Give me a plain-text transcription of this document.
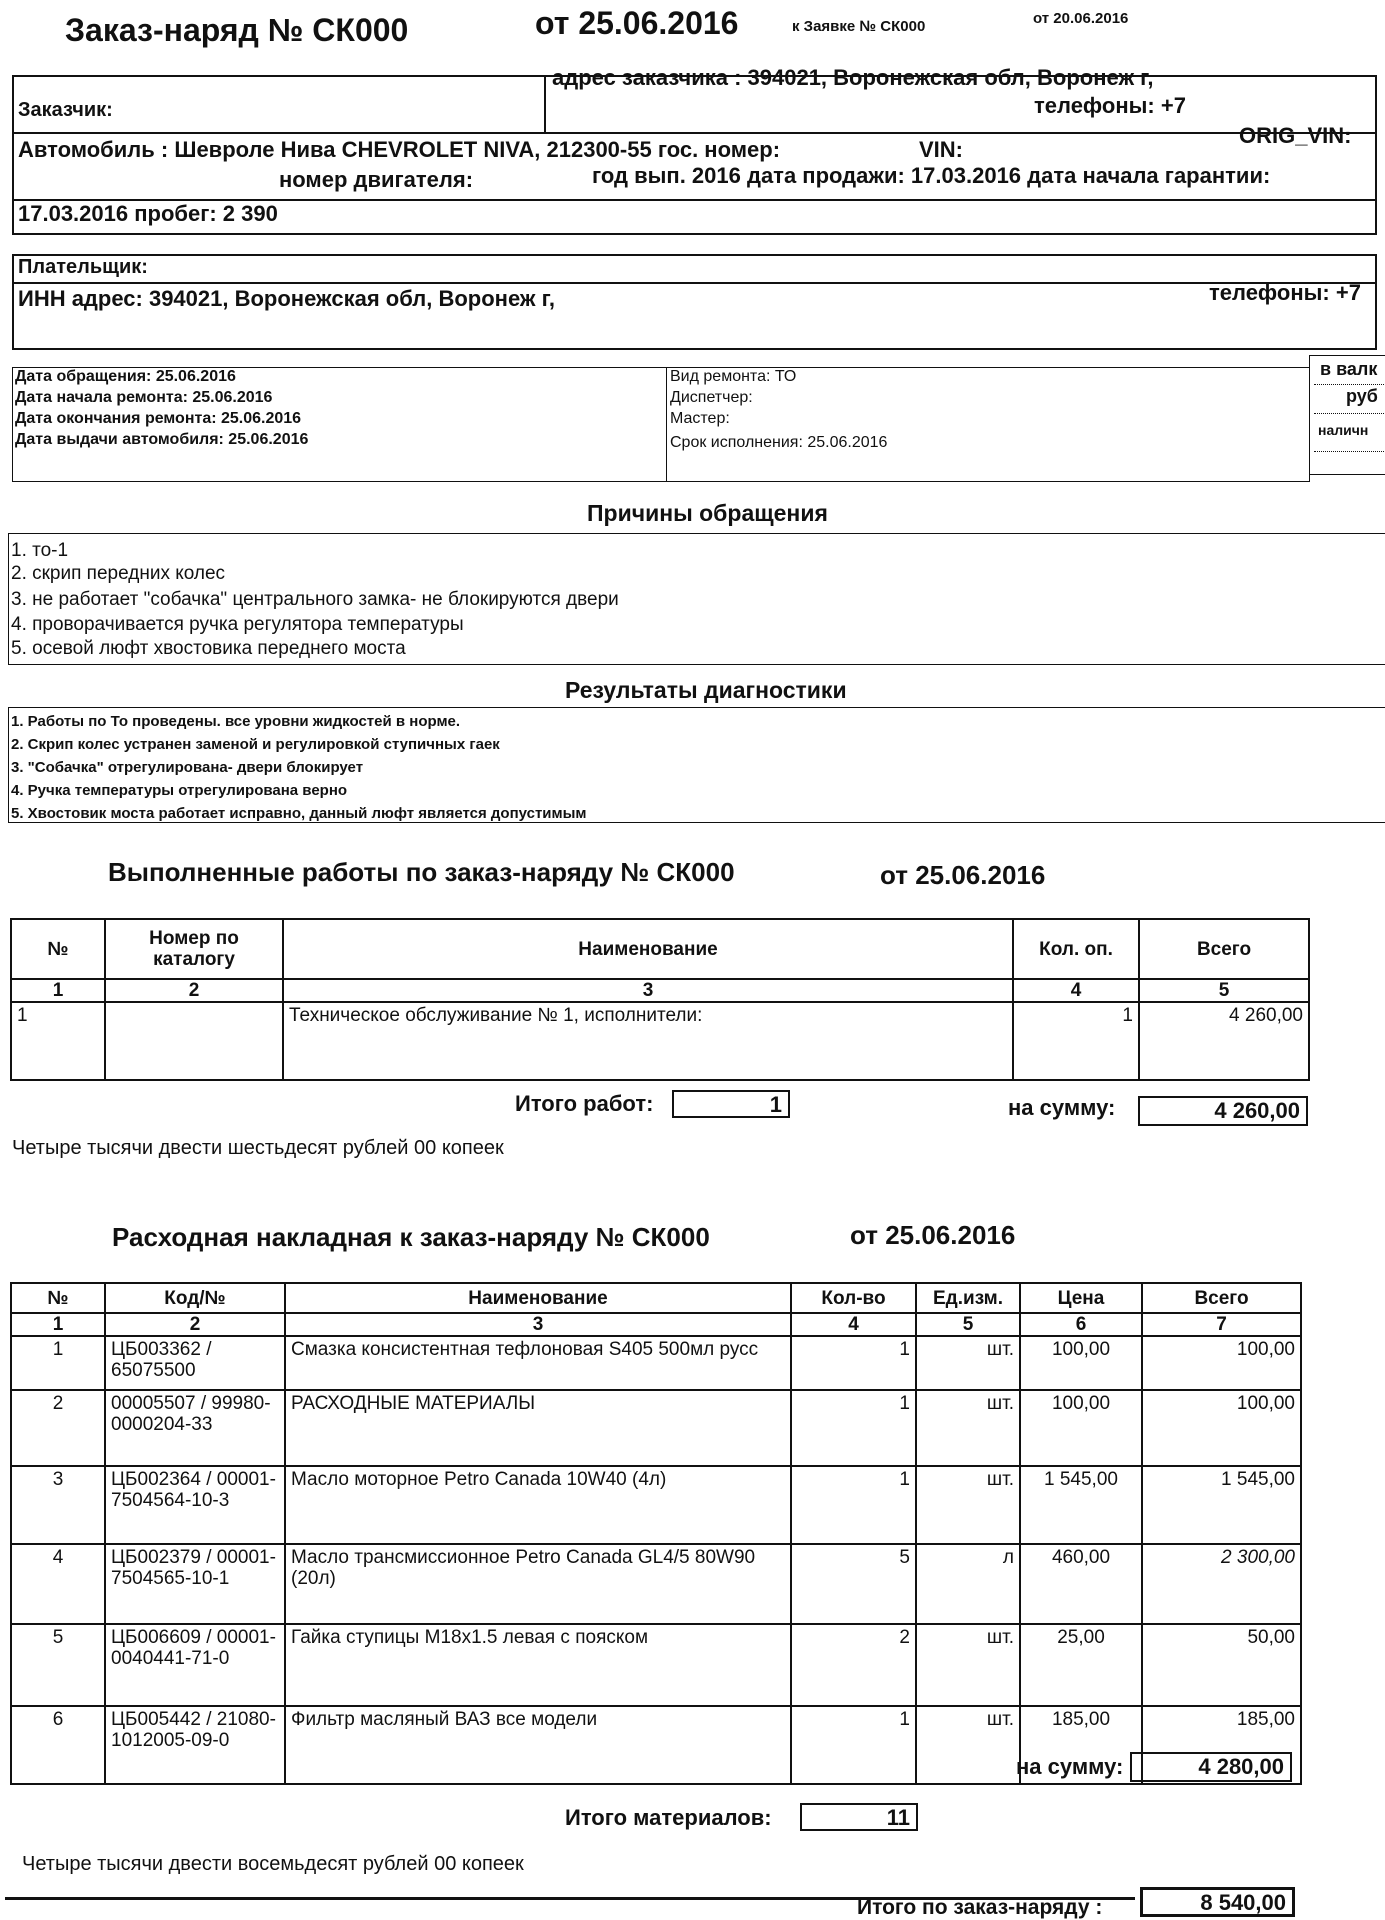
Заказ-наряд № СК000	от 25.06.2016	к Заявке № СК000	от 20.06.2016
Заказчик:
адрес заказчика : 394021, Воронежская обл, Воронеж г,
телефоны: +7
Автомобиль : Шевроле Нива CHEVROLET NIVA, 212300-55 гос. номер:	VIN:
ORIG_VIN:
номер двигателя:	год вып. 2016 дата продажи: 17.03.2016 дата начала гарантии:
17.03.2016 пробег: 2 390
Плательщик:
ИНН адрес: 394021, Воронежская обл, Воронеж г,	телефоны: +7
Дата обращения: 25.06.2016
Дата начала ремонта: 25.06.2016
Дата окончания ремонта: 25.06.2016
Дата выдачи автомобиля: 25.06.2016
Вид ремонта: ТО
Диспетчер:
Мастер:
Срок исполнения: 25.06.2016
в валк
руб
наличн
Причины обращения
1. то-1
2. скрип передних колес
3. не работает "собачка" центрального замка- не блокируются двери
4. проворачивается ручка регулятора температуры
5. осевой люфт хвостовика переднего моста
Результаты диагностики
1. Работы по То проведены. все уровни жидкостей в норме.
2. Скрип колес устранен заменой и регулировкой ступичных гаек
3. "Собачка" отрегулирована- двери блокирует
4. Ручка температуры отрегулирована верно
5. Хвостовик моста работает исправно, данный люфт является допустимым
Выполненные работы по заказ-наряду № СК000	от 25.06.2016
№	Номер по каталогу	Наименование	Кол. оп.	Всего
1	2	3	4	5
1		Техническое обслуживание № 1, исполнители:	1	4 260,00
Итого работ:	1	на сумму:	4 260,00
Четыре тысячи двести шестьдесят рублей 00 копеек
Расходная накладная к заказ-наряду № СК000	от 25.06.2016
№	Код/№	Наименование	Кол-во	Ед.изм.	Цена	Всего
1	2	3	4	5	6	7
1	ЦБ003362 / 65075500	Смазка консистентная тефлоновая S405 500мл русс	1	шт.	100,00	100,00
2	00005507 / 99980-0000204-33	РАСХОДНЫЕ МАТЕРИАЛЫ	1	шт.	100,00	100,00
3	ЦБ002364 / 00001-7504564-10-3	Масло моторное Petro Canada 10W40 (4л)	1	шт.	1 545,00	1 545,00
4	ЦБ002379 / 00001-7504565-10-1	Масло трансмиссионное Petro Canada GL4/5 80W90 (20л)	5	л	460,00	2 300,00
5	ЦБ006609 / 00001-0040441-71-0	Гайка ступицы М18х1.5 левая с пояском	2	шт.	25,00	50,00
6	ЦБ005442 / 21080-1012005-09-0	Фильтр масляный ВАЗ все модели	1	шт.	185,00	185,00
Итого материалов:	11
на сумму:	4 280,00
Четыре тысячи двести восемьдесят рублей 00 копеек
Итого по заказ-наряду :	8 540,00
